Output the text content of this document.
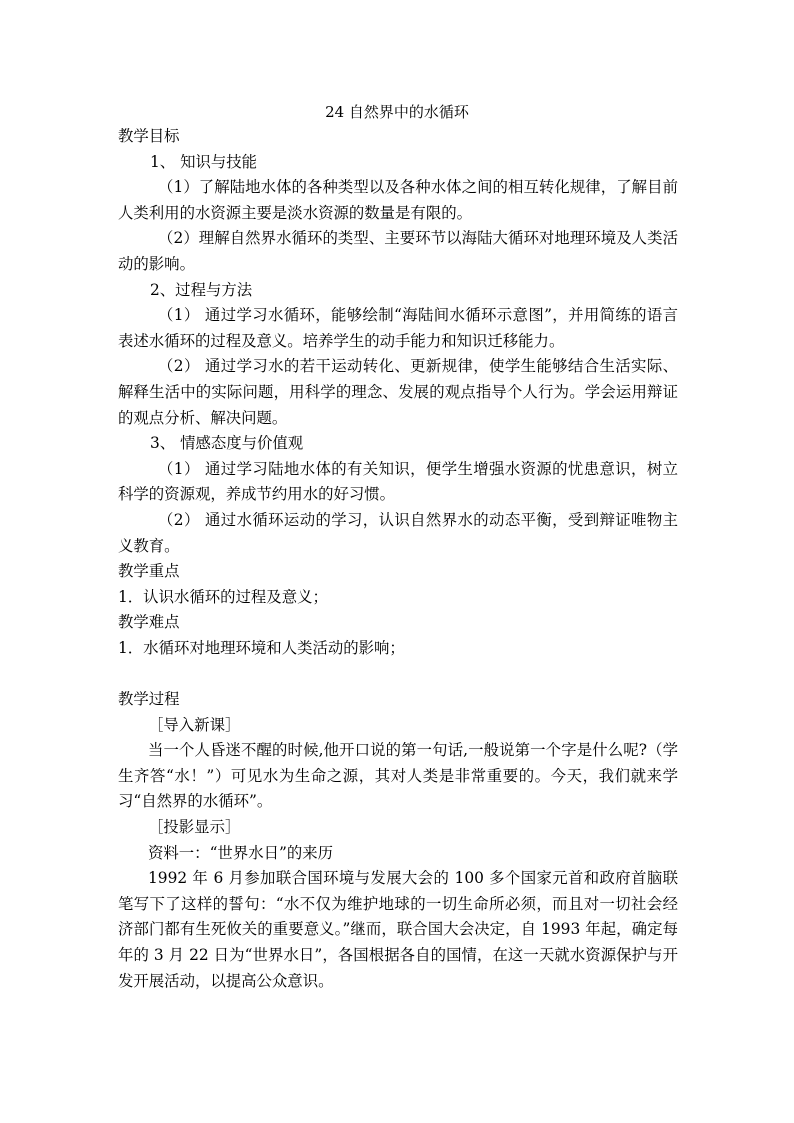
24 自然界中的水循环

教学目标

1、 知识与技能

（1）了解陆地水体的各种类型以及各种水体之间的相互转化规律，了解目前人类利用的水资源主要是淡水资源的数量是有限的。

（2）理解自然界水循环的类型、主要环节以海陆大循环对地理环境及人类活动的影响。

2、过程与方法

（1） 通过学习水循环，能够绘制“海陆间水循环示意图”，并用简练的语言表述水循环的过程及意义。培养学生的动手能力和知识迁移能力。

（2） 通过学习水的若干运动转化、更新规律，使学生能够结合生活实际、解释生活中的实际问题，用科学的理念、发展的观点指导个人行为。学会运用辩证的观点分析、解决问题。

3、 情感态度与价值观

（1） 通过学习陆地水体的有关知识，便学生增强水资源的忧患意识，树立科学的资源观，养成节约用水的好习惯。

（2） 通过水循环运动的学习，认识自然界水的动态平衡，受到辩证唯物主义教育。

教学重点

1．认识水循环的过程及意义；

教学难点

1．水循环对地理环境和人类活动的影响；

教学过程

［导入新课］

当一个人昏迷不醒的时候,他开口说的第一句话,一般说第一个字是什么呢?（学生齐答“水！”）可见水为生命之源，其对人类是非常重要的。今天，我们就来学习“自然界的水循环”。

［投影显示］

资料一：“世界水日”的来历

1992 年 6 月参加联合国环境与发展大会的 100 多个国家元首和政府首脑联笔写下了这样的誓句：“水不仅为维护地球的一切生命所必须，而且对一切社会经济部门都有生死攸关的重要意义。”继而，联合国大会决定，自 1993 年起，确定每年的 3 月 22 日为“世界水日”，各国根据各自的国情，在这一天就水资源保护与开发开展活动，以提高公众意识。
